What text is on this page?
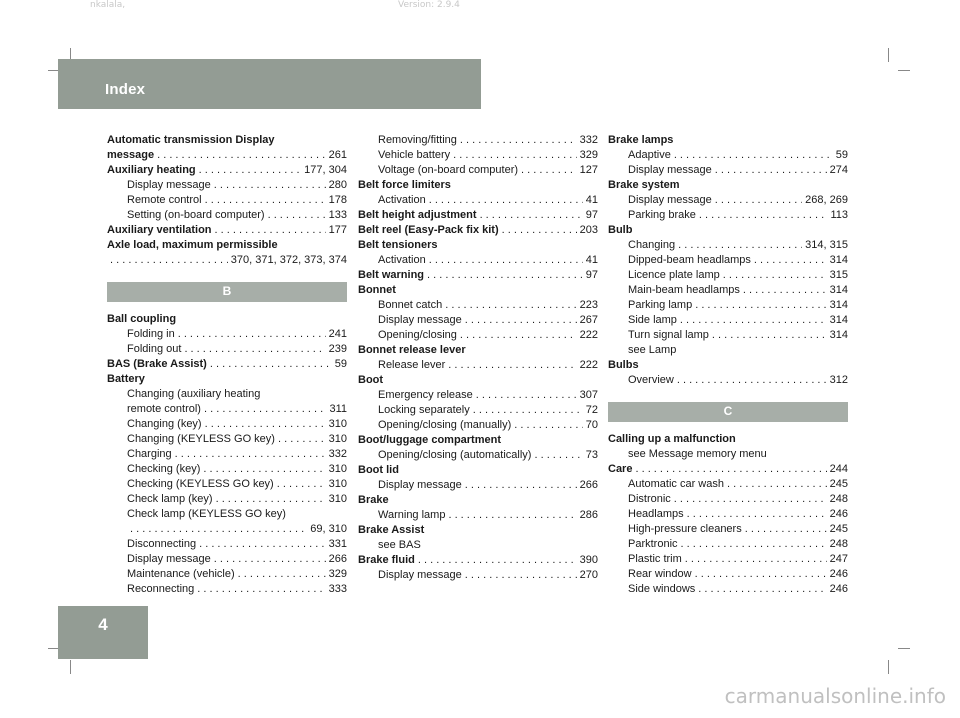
nkalala,	Version: 2.9.4
Index
4
Automatic transmission Display
message . . .	261
Auxiliary heating . . .	177, 304
Display message . . .	280
Remote control . . .	178
Setting (on-board computer) . . .	133
Auxiliary ventilation . . .	177
Axle load, maximum permissible
. . .
370, 371, 372, 373, 374
B
Ball coupling
Folding in . . .	241
Folding out . . .	239
BAS (Brake Assist) . . .	59
Battery
Changing (auxiliary heating
remote control) . . .	311
Changing (key) . . .	310
Changing (KEYLESS GO key) . . .	310
Charging . . .	332
Checking (key) . . .	310
Checking (KEYLESS GO key) . . .	310
Check lamp (key) . . .	310
Check lamp (KEYLESS GO key)
. . .
69, 310
Disconnecting . . .	331
Display message . . .	266
Maintenance (vehicle) . . .	329
Reconnecting . . .	333
Removing/fitting . . .	332
Vehicle battery . . .	329
Voltage (on-board computer) . . .	127
Belt force limiters
Activation . . .	41
Belt height adjustment . . .	97
Belt reel (Easy-Pack fix kit) . . .	203
Belt tensioners
Activation . . .	41
Belt warning . . .	97
Bonnet
Bonnet catch . . .	223
Display message . . .	267
Opening/closing . . .	222
Bonnet release lever
Release lever . . .	222
Boot
Emergency release . . .	307
Locking separately . . .	72
Opening/closing (manually) . . .	70
Boot/luggage compartment
Opening/closing (automatically) . . .	73
Boot lid
Display message . . .	266
Brake
Warning lamp . . .	286
Brake Assist
see BAS
Brake fluid . . .	390
Display message . . .	270
Brake lamps
Adaptive . . .	59
Display message . . .	274
Brake system
Display message . . .	268, 269
Parking brake . . .	113
Bulb
Changing . . .	314, 315
Dipped-beam headlamps . . .	314
Licence plate lamp . . .	315
Main-beam headlamps . . .	314
Parking lamp . . .	314
Side lamp . . .	314
Turn signal lamp . . .	314
see Lamp
Bulbs
Overview . . .	312
C
Calling up a malfunction
see Message memory menu
Care . . .	244
Automatic car wash . . .	245
Distronic . . .	248
Headlamps . . .	246
High-pressure cleaners . . .	245
Parktronic . . .	248
Plastic trim . . .	247
Rear window . . .	246
Side windows . . .	246
carmanualsonline.info
